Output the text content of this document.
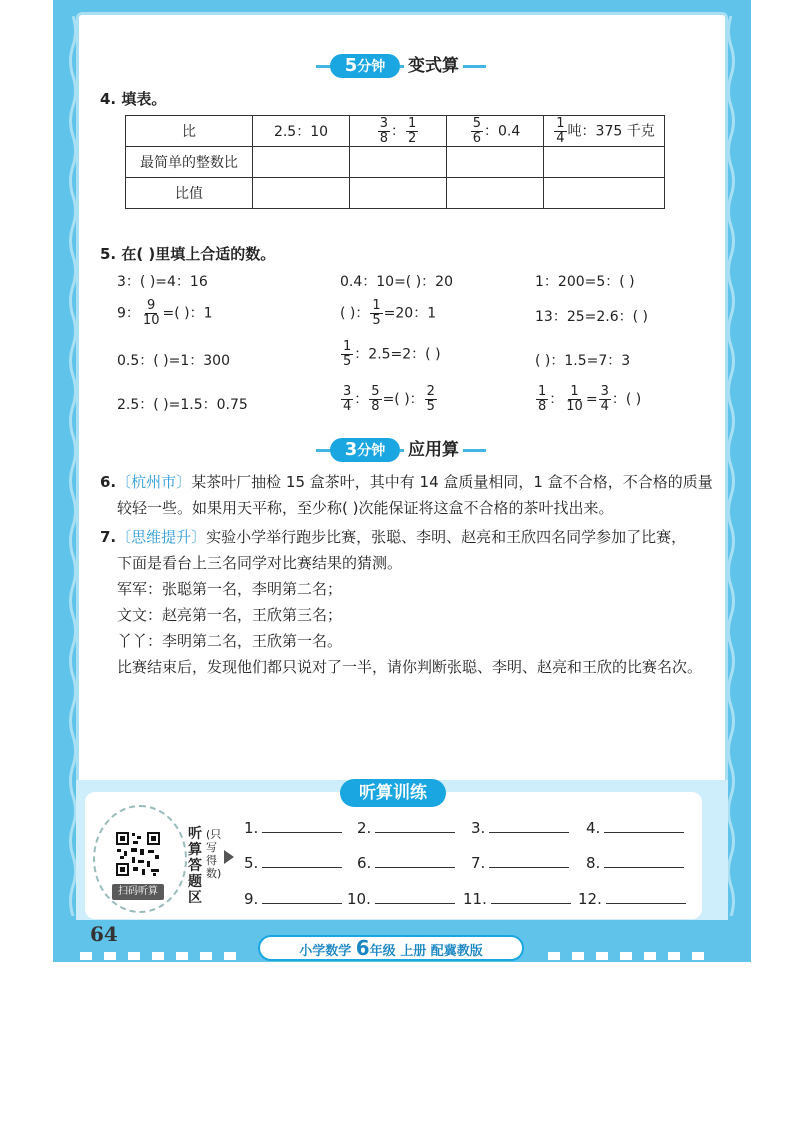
5分钟	变式算
4. 填表。
比	2.5：10	$\frac{3}{8}$ ： $\frac{1}{2}$	$\frac{5}{6}$ ：0.4	$\frac{1}{4}$ 吨：375 千克
最简单的整数比				
比值				
5. 在( )里填上合适的数。
3：( )=4：16	0.4：10=( )：20	1：200=5：( )
9： $\frac{9}{10}$ =( )：1	( )： $\frac{1}{5} =20$：1	13：25=2.6：( )
0.5：( )=1：300	$\frac{1}{5}$ ：2.5=2：( )	( )：1.5=7：3
2.5：( )=1.5：0.75	$\frac{3}{4}$ ： $\frac{5}{8}$ =( )： $\frac{2}{5}$	$\frac{1}{8}$ ： $\frac{1}{10} = \frac{3}{4}$ ：( )
3分钟	应用算
6.〔杭州市〕某茶叶厂抽检 15 盒茶叶，其中有 14 盒质量相同，1 盒不合格，不合格的质量
较轻一些。如果用天平称，至少称( )次能保证将这盒不合格的茶叶找出来。
7.〔思维提升〕实验小学举行跑步比赛，张聪、李明、赵亮和王欣四名同学参加了比赛，
下面是看台上三名同学对比赛结果的猜测。
军军：张聪第一名，李明第二名；
文文：赵亮第一名，王欣第三名；
丫丫：李明第二名，王欣第一名。
比赛结束后，发现他们都只说对了一半，请你判断张聪、李明、赵亮和王欣的比赛名次。
听算训练
扫码听算
听算答题区
(只写得数)
1.	2.	3.	4.
5.	6.	7.	8.
9.	10.	11.	12.
64
小学数学 6年级 上册 配冀教版
